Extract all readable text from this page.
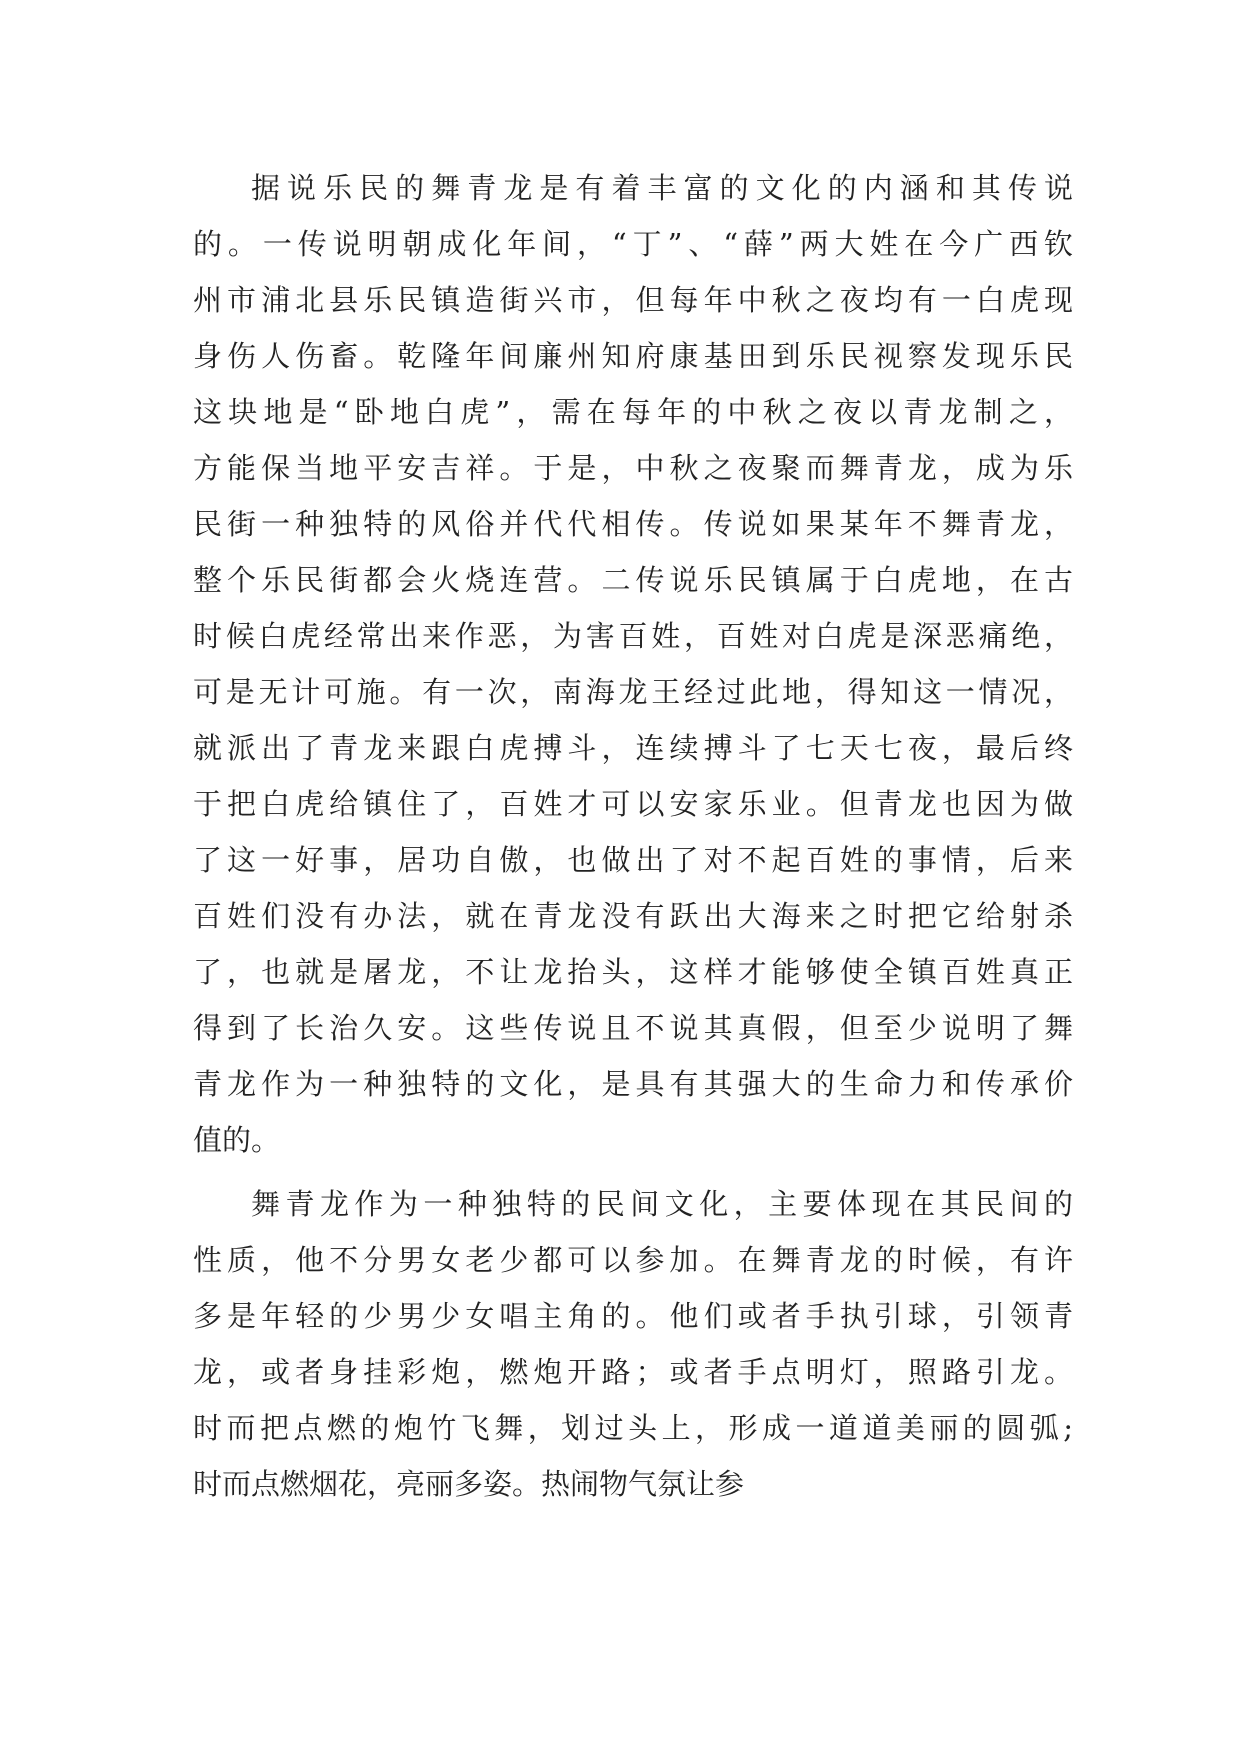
据说乐民的舞青龙是有着丰富的文化的内涵和其传说
的。一传说明朝成化年间，“丁”、“薛”两大姓在今广西钦
州市浦北县乐民镇造街兴市，但每年中秋之夜均有一白虎现
身伤人伤畜。乾隆年间廉州知府康基田到乐民视察发现乐民
这块地是“卧地白虎”，需在每年的中秋之夜以青龙制之，
方能保当地平安吉祥。于是，中秋之夜聚而舞青龙，成为乐
民街一种独特的风俗并代代相传。传说如果某年不舞青龙，
整个乐民街都会火烧连营。二传说乐民镇属于白虎地，在古
时候白虎经常出来作恶，为害百姓，百姓对白虎是深恶痛绝，
可是无计可施。有一次，南海龙王经过此地，得知这一情况，
就派出了青龙来跟白虎搏斗，连续搏斗了七天七夜，最后终
于把白虎给镇住了，百姓才可以安家乐业。但青龙也因为做
了这一好事，居功自傲，也做出了对不起百姓的事情，后来
百姓们没有办法，就在青龙没有跃出大海来之时把它给射杀
了，也就是屠龙，不让龙抬头，这样才能够使全镇百姓真正
得到了长治久安。这些传说且不说其真假，但至少说明了舞
青龙作为一种独特的文化，是具有其强大的生命力和传承价
值的。

舞青龙作为一种独特的民间文化，主要体现在其民间的
性质，他不分男女老少都可以参加。在舞青龙的时候，有许
多是年轻的少男少女唱主角的。他们或者手执引球，引领青
龙，或者身挂彩炮，燃炮开路；或者手点明灯，照路引龙。
时而把点燃的炮竹飞舞，划过头上，形成一道道美丽的圆弧;
时而点燃烟花，亮丽多姿。热闹物气氛让参
